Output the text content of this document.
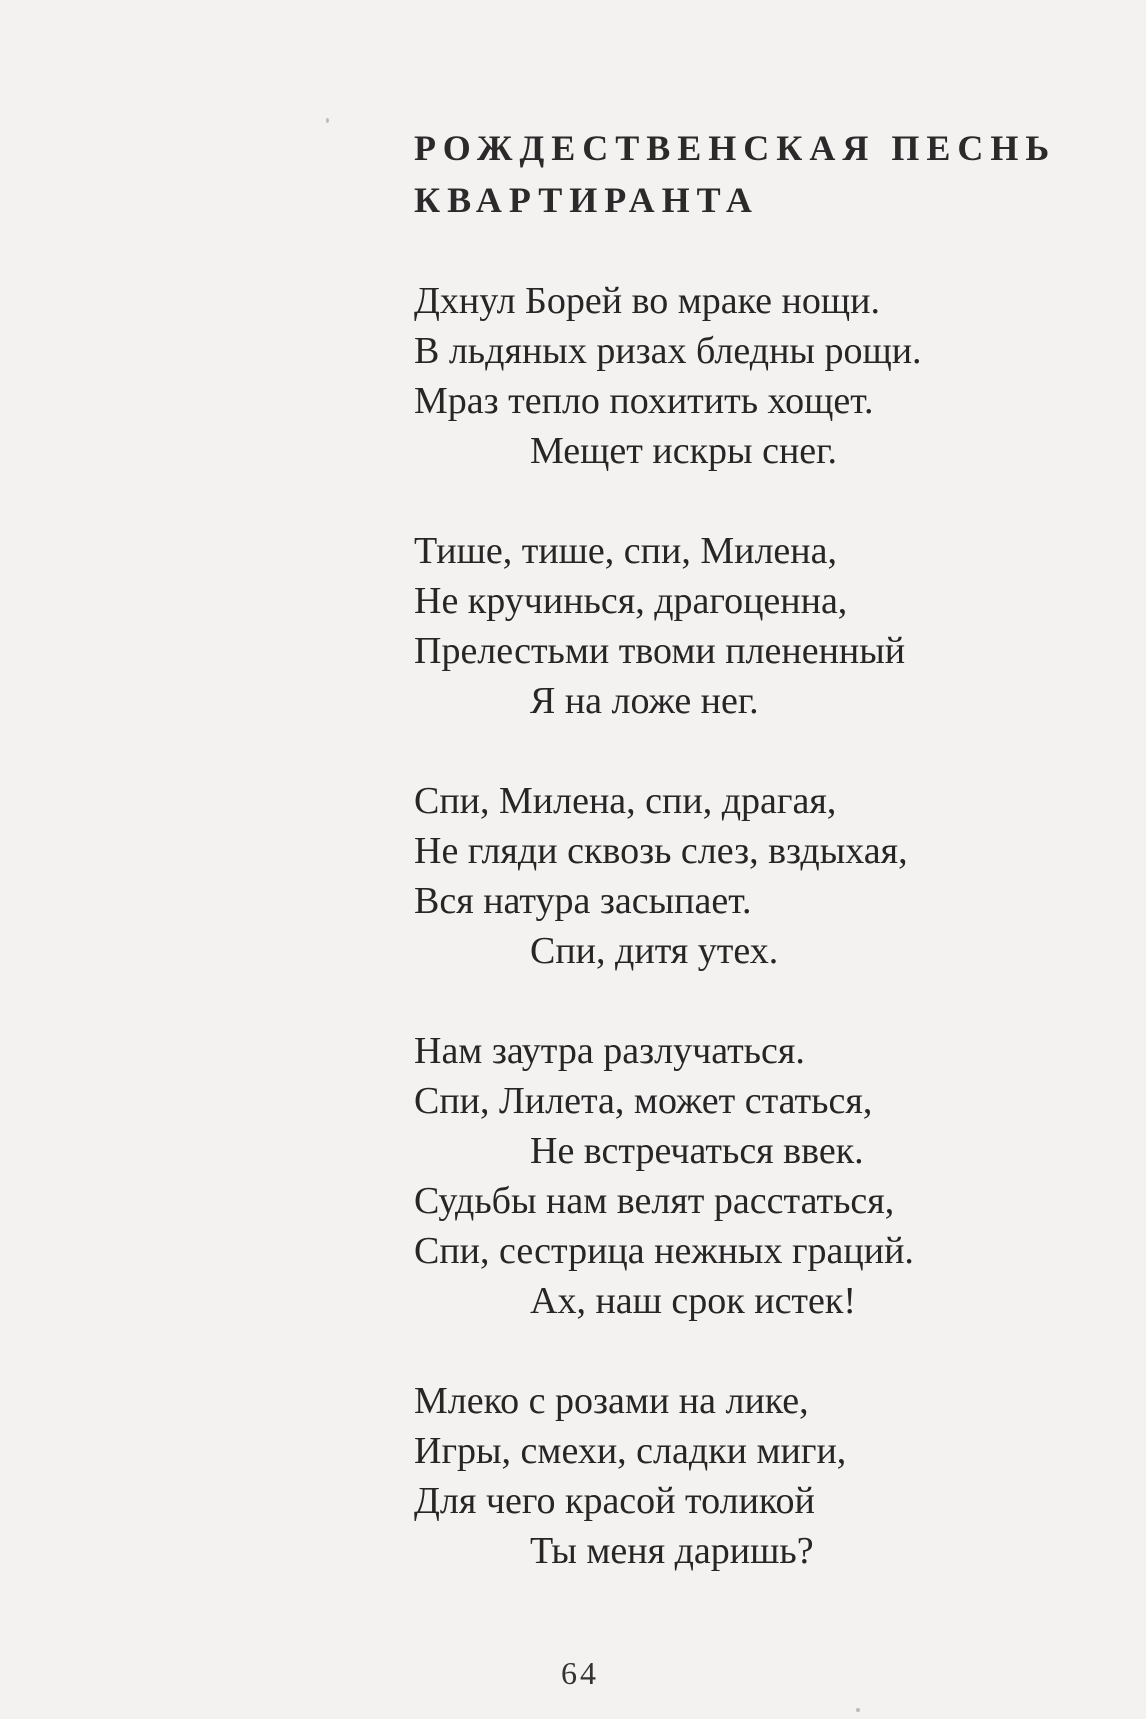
РОЖДЕСТВЕНСКАЯ ПЕСНЬ
КВАРТИРАНТА
Дхнул Борей во мраке нощи.
В льдяных ризах бледны рощи.
Мраз тепло похитить хощет.
Мещет искры снег.
Тише, тише, спи, Милена,
Не кручинься, драгоценна,
Прелестьми твоми плененный
Я на ложе нег.
Спи, Милена, спи, драгая,
Не гляди сквозь слез, вздыхая,
Вся натура засыпает.
Спи, дитя утех.
Нам заутра разлучаться.
Спи, Лилета, может статься,
Не встречаться ввек.
Судьбы нам велят расстаться,
Спи, сестрица нежных граций.
Ах, наш срок истек!
Млеко с розами на лике,
Игры, смехи, сладки миги,
Для чего красой толикой
Ты меня даришь?
64
